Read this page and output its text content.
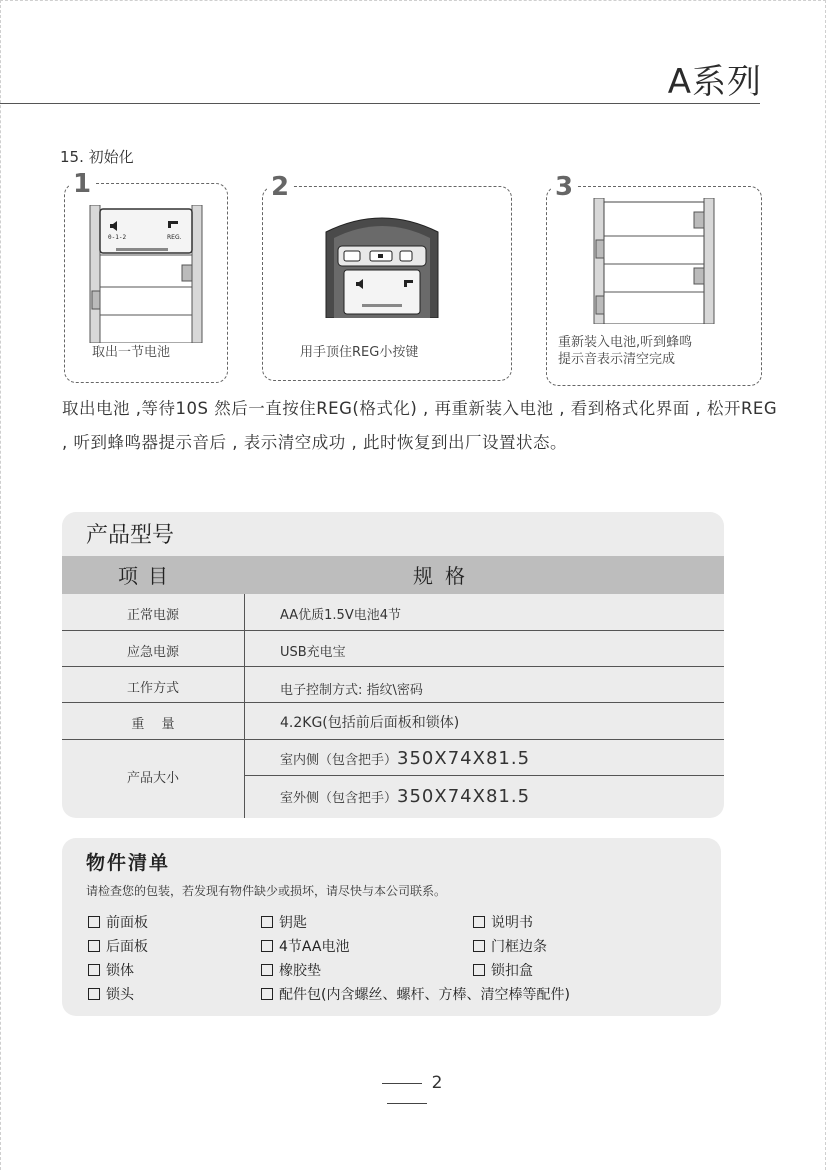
A系列
15. 初始化
1
0-1-2	REG.
取出一节电池
2
用手顶住REG小按键
3
重新装入电池,听到蜂鸣
提示音表示清空完成
取出电池 ,等待10S 然后一直按住REG(格式化) , 再重新装入电池 , 看到格式化界面 , 松开REG , 听到蜂鸣器提示音后 , 表示清空成功 , 此时恢复到出厂设置状态。
产品型号
项目	规格
正常电源	AA优质1.5V电池4节
应急电源	USB充电宝
工作方式	电子控制方式: 指纹\密码
重　 量	4.2KG(包括前后面板和锁体)
产品大小
室内侧（包含把手）350X74X81.5
室外侧（包含把手）350X74X81.5
物件清单
请检查您的包装，若发现有物件缺少或损坏，请尽快与本公司联系。
前面板
后面板
锁体
锁头
钥匙
4节AA电池
橡胶垫
配件包(内含螺丝、螺杆、方棒、清空棒等配件)
说明书
门框边条
锁扣盒
2
